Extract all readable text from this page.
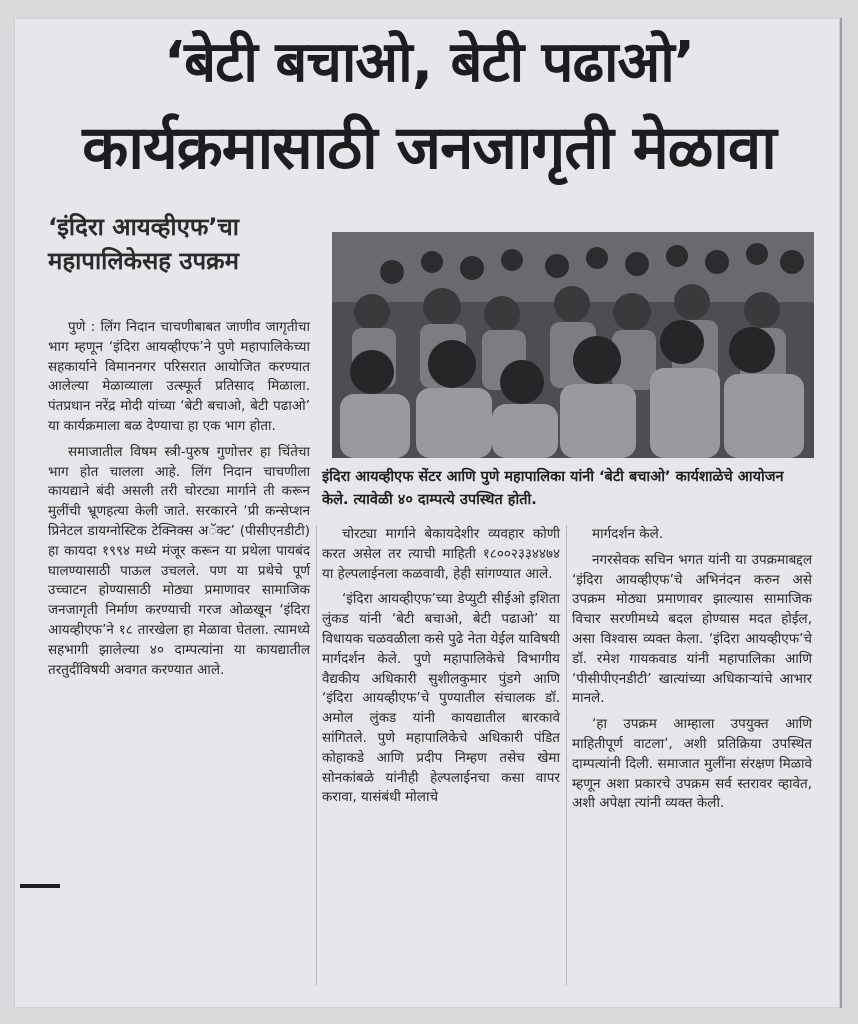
‘बेटी बचाओ, बेटी पढाओ’
कार्यक्रमासाठी जनजागृती मेळावा
‘इंदिरा आयव्हीएफ’चा
महापालिकेसह उपक्रम
इंदिरा आयव्हीएफ सेंटर आणि पुणे महापालिका यांनी ‘बेटी बचाओ’ कार्यशाळेचे आयोजन केले. त्यावेळी ४० दाम्पत्ये उपस्थित होती.

पुणे : लिंग निदान चाचणीबाबत जाणीव जागृतीचा भाग म्हणून ‘इंदिरा आयव्हीएफ’ने पुणे महापालिकेच्या सहकार्याने विमाननगर परिसरात आयोजित करण्यात आलेल्या मेळाव्याला उत्स्फूर्त प्रतिसाद मिळाला. पंतप्रधान नरेंद्र मोदी यांच्या ‘बेटी बचाओ, बेटी पढाओ’ या कार्यक्रमाला बळ देण्याचा हा एक भाग होता.

समाजातील विषम स्त्री-पुरुष गुणोत्तर हा चिंतेचा भाग होत चालला आहे. लिंग निदान चाचणीला कायद्याने बंदी असली तरी चोरट्या मार्गाने ती करून मुलींची भ्रूणहत्या केली जाते. सरकारने ‘प्री कन्सेप्शन प्रिनेटल डायग्नोस्टिक टेक्निक्स अॅक्ट’ (पीसीएनडीटी) हा कायदा १९९४ मध्ये मंजूर करून या प्रथेला पायबंद घालण्यासाठी पाऊल उचलले. पण या प्रथेचे पूर्ण उच्चाटन होण्यासाठी मोठ्या प्रमाणावर सामाजिक जनजागृती निर्माण करण्याची गरज ओळखून ‘इंदिरा आयव्हीएफ’ने १८ तारखेला हा मेळावा घेतला. त्यामध्ये सहभागी झालेल्या ४० दाम्पत्यांना या कायद्यातील तरतुदींविषयी अवगत करण्यात आले.

चोरट्या मार्गाने बेकायदेशीर व्यवहार कोणी करत असेल तर त्याची माहिती १८००२३३४४७४ या हेल्पलाईनला कळवावी, हेही सांगण्यात आले.

‘इंदिरा आयव्हीएफ’च्या डेप्युटी सीईओ इशिता लुंकड यांनी ‘बेटी बचाओ, बेटी पढाओ’ या विधायक चळवळीला कसे पुढे नेता येईल याविषयी मार्गदर्शन केले. पुणे महापालिकेचे विभागीय वैद्यकीय अधिकारी सुशीलकुमार पुंडगे आणि ‘इंदिरा आयव्हीएफ’चे पुण्यातील संचालक डॉ. अमोल लुंकड यांनी कायद्यातील बारकावे सांगितले. पुणे महापालिकेचे अधिकारी पंडित कोहाकडे आणि प्रदीप निम्हण तसेच खेमा सोनकांबळे यांनीही हेल्पलाईनचा कसा वापर करावा, यासंबंधी मोलाचे

मार्गदर्शन केले.

नगरसेवक सचिन भगत यांनी या उपक्रमाबद्दल ‘इंदिरा आयव्हीएफ’चे अभिनंदन करुन असे उपक्रम मोठ्या प्रमाणावर झाल्यास सामाजिक विचार सरणीमध्ये बदल होण्यास मदत होईल, असा विश्वास व्यक्त केला. ‘इंदिरा आयव्हीएफ’चे डॉ. रमेश गायकवाड यांनी महापालिका आणि ‘पीसीपीएनडीटी’ खात्यांच्या अधिकाऱ्यांचे आभार मानले.

‘हा उपक्रम आम्हाला उपयुक्त आणि माहितीपूर्ण वाटला’, अशी प्रतिक्रिया उपस्थित दाम्पत्यांनी दिली. समाजात मुलींना संरक्षण मिळावे म्हणून अशा प्रकारचे उपक्रम सर्व स्तरावर व्हावेत, अशी अपेक्षा त्यांनी व्यक्त केली.
